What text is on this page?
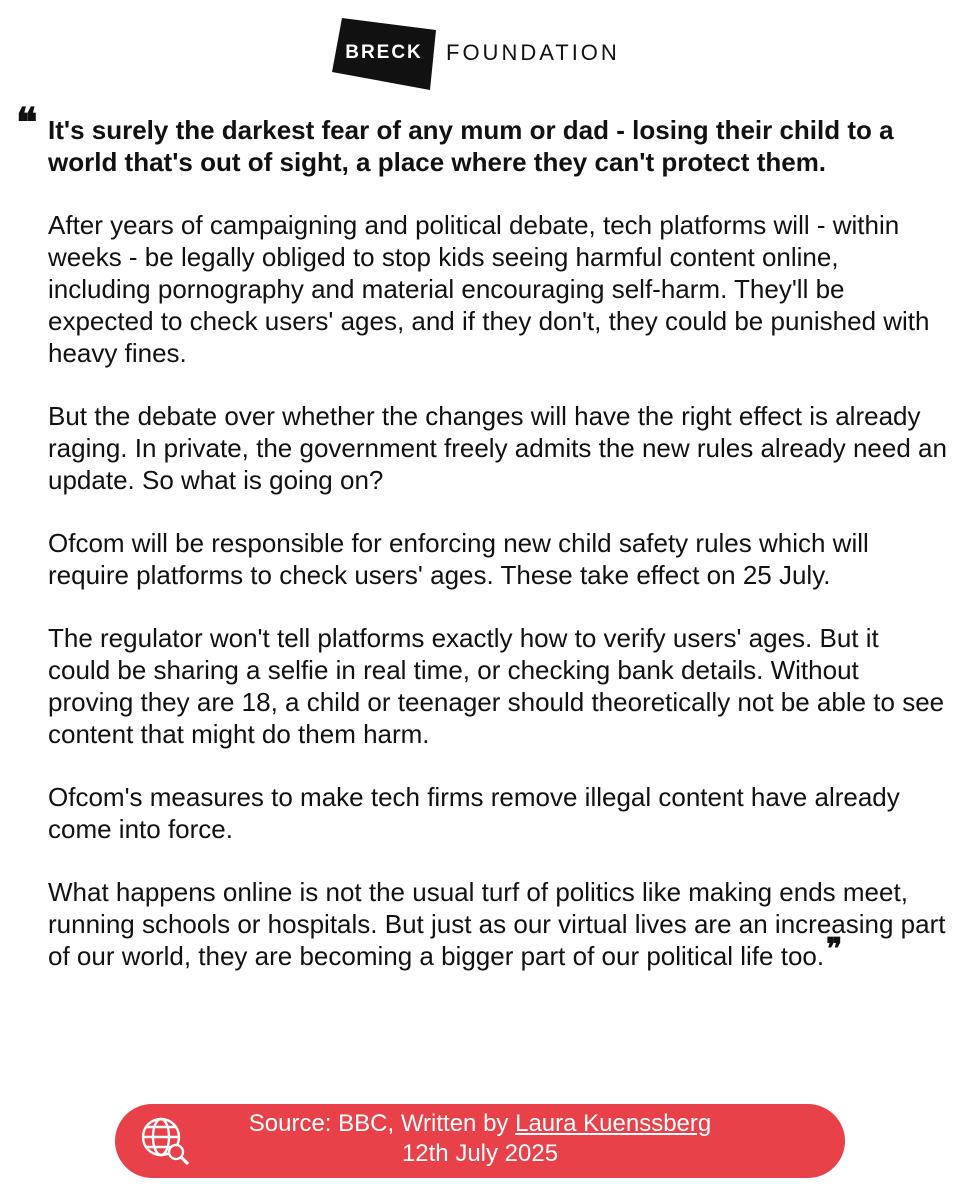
BRECK FOUNDATION
❝ It's surely the darkest fear of any mum or dad - losing their child to a world that's out of sight, a place where they can't protect them.

After years of campaigning and political debate, tech platforms will - within weeks - be legally obliged to stop kids seeing harmful content online, including pornography and material encouraging self-harm. They'll be expected to check users' ages, and if they don't, they could be punished with heavy fines.

But the debate over whether the changes will have the right effect is already raging. In private, the government freely admits the new rules already need an update. So what is going on?

Ofcom will be responsible for enforcing new child safety rules which will require platforms to check users' ages. These take effect on 25 July.

The regulator won't tell platforms exactly how to verify users' ages. But it could be sharing a selfie in real time, or checking bank details. Without proving they are 18, a child or teenager should theoretically not be able to see content that might do them harm.

Ofcom's measures to make tech firms remove illegal content have already come into force.

What happens online is not the usual turf of politics like making ends meet, running schools or hospitals. But just as our virtual lives are an increasing part of our world, they are becoming a bigger part of our political life too.❞

Source: BBC, Written by Laura Kuenssberg
12th July 2025
